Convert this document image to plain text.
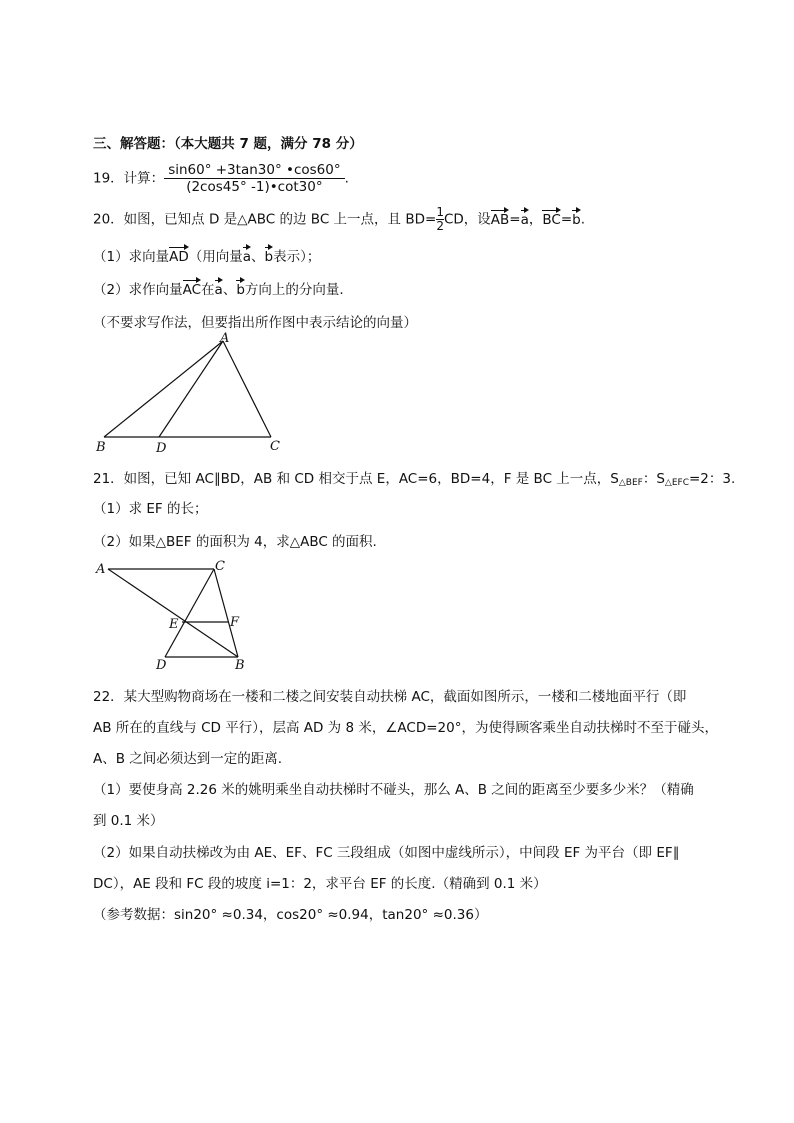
三、解答题：（本大题共 7 题，满分 78 分）
19．计算： $\frac{\sin 60^\circ +3\tan 30^\circ •\cos 60^\circ}{(2\cos 45^\circ -1)•\cot 30^\circ}$ .
20．如图，已知点 D 是△ABC 的边 BC 上一点，且 $BD= \frac{1}{2}$ CD，设AB=a，BC=b.
（1）求向量AD（用向量a、b表示）；
（2）求作向量AC在a、b方向上的分向量.
（不要求写作法，但要指出所作图中表示结论的向量）
A
B	D	C
21．如图，已知 AC∥BD，AB 和 CD 相交于点 E，AC=6，BD=4，F 是 BC 上一点，$S_{\triangle BEF}$：$S_{\triangle EFC}=2$：3.
（1）求 EF 的长；
（2）如果△BEF 的面积为 4，求△ABC 的面积.
A	C
E	F
D	B
22．某大型购物商场在一楼和二楼之间安装自动扶梯 AC，截面如图所示，一楼和二楼地面平行（即
AB 所在的直线与 CD 平行），层高 AD 为 8 米，∠ACD=20°，为使得顾客乘坐自动扶梯时不至于碰头，
A、B 之间必须达到一定的距离.
（1）要使身高 2.26 米的姚明乘坐自动扶梯时不碰头，那么 A、B 之间的距离至少要多少米？（精确
到 0.1 米）
（2）如果自动扶梯改为由 AE、EF、FC 三段组成（如图中虚线所示），中间段 EF 为平台（即 EF∥
DC），AE 段和 FC 段的坡度 i=1：2，求平台 EF 的长度.（精确到 0.1 米）
（参考数据：sin20° ≈0.34，cos20° ≈0.94，tan20° ≈0.36）
